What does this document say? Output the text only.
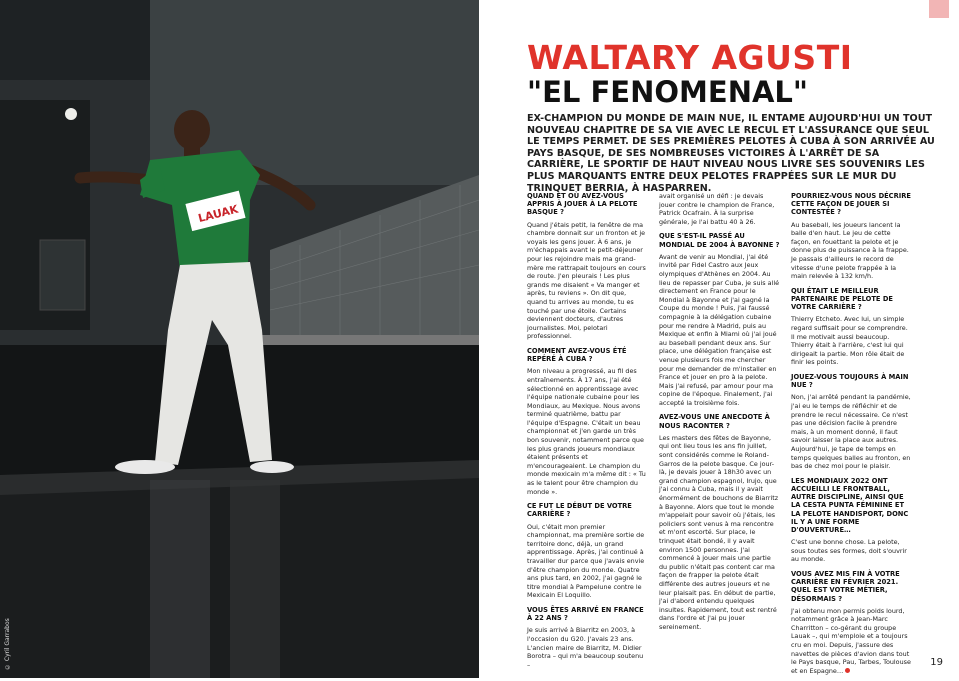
LAUAK
© Cyril Garrabos
WALTARY AGUSTI
"EL FENOMENAL"
EX-CHAMPION DU MONDE DE MAIN NUE, IL ENTAME AUJOURD'HUI UN TOUT NOUVEAU CHAPITRE DE SA VIE AVEC LE RECUL ET L'ASSURANCE QUE SEUL LE TEMPS PERMET. DE SES PREMIÈRES PELOTES À CUBA À SON ARRIVÉE AU PAYS BASQUE, DE SES NOMBREUSES VICTOIRES À L'ARRÊT DE SA CARRIÈRE, LE SPORTIF DE HAUT NIVEAU NOUS LIVRE SES SOUVENIRS LES PLUS MARQUANTS ENTRE DEUX PELOTES FRAPPÉES SUR LE MUR DU TRINQUET BERRIA, À HASPARREN.

QUAND ET OÙ AVEZ-VOUS APPRIS À JOUER À LA PELOTE BASQUE ?

Quand j'étais petit, la fenêtre de ma chambre donnait sur un fronton et je voyais les gens jouer. À 6 ans, je m'échappais avant le petit-déjeuner pour les rejoindre mais ma grand-mère me rattrapait toujours en cours de route. J'en pleurais ! Les plus grands me disaient « Va manger et après, tu reviens ». On dit que, quand tu arrives au monde, tu es touché par une étoile. Certains deviennent docteurs, d'autres journalistes. Moi, pelotari professionnel.

COMMENT AVEZ-VOUS ÉTÉ REPÉRÉ À CUBA ?

Mon niveau a progressé, au fil des entraînements. À 17 ans, j'ai été sélectionné en apprentissage avec l'équipe nationale cubaine pour les Mondiaux, au Mexique. Nous avons terminé quatrième, battu par l'équipe d'Espagne. C'était un beau championnat et j'en garde un très bon souvenir, notamment parce que les plus grands joueurs mondiaux étaient présents et m'encourageaient. Le champion du monde mexicain m'a même dit : « Tu as le talent pour être champion du monde ».

CE FUT LE DÉBUT DE VOTRE CARRIÈRE ?

Oui, c'était mon premier championnat, ma première sortie de territoire donc, déjà, un grand apprentissage. Après, j'ai continué à travailler dur parce que j'avais envie d'être champion du monde. Quatre ans plus tard, en 2002, j'ai gagné le titre mondial à Pampelune contre le Mexicain El Loquillo.

VOUS ÊTES ARRIVÉ EN FRANCE À 22 ANS ?

Je suis arrivé à Biarritz en 2003, à l'occasion du G20. J'avais 23 ans. L'ancien maire de Biarritz, M. Didier Borotra – qui m'a beaucoup soutenu –

avait organisé un défi : je devais jouer contre le champion de France, Patrick Ocafrain. À la surprise générale, je l'ai battu 40 à 26.

QUE S'EST-IL PASSÉ AU MONDIAL DE 2004 À BAYONNE ?

Avant de venir au Mondial, j'ai été invité par Fidel Castro aux Jeux olympiques d'Athènes en 2004. Au lieu de repasser par Cuba, je suis allé directement en France pour le Mondial à Bayonne et j'ai gagné la Coupe du monde ! Puis, j'ai faussé compagnie à la délégation cubaine pour me rendre à Madrid, puis au Mexique et enfin à Miami où j'ai joué au baseball pendant deux ans. Sur place, une délégation française est venue plusieurs fois me chercher pour me demander de m'installer en France et jouer en pro à la pelote. Mais j'ai refusé, par amour pour ma copine de l'époque. Finalement, j'ai accepté la troisième fois.

AVEZ-VOUS UNE ANECDOTE À NOUS RACONTER ?

Les masters des fêtes de Bayonne, qui ont lieu tous les ans fin juillet, sont considérés comme le Roland-Garros de la pelote basque. Ce jour-là, je devais jouer à 18h30 avec un grand champion espagnol, Irujo, que j'ai connu à Cuba, mais il y avait énormément de bouchons de Biarritz à Bayonne. Alors que tout le monde m'appelait pour savoir où j'étais, les policiers sont venus à ma rencontre et m'ont escorté. Sur place, le trinquet était bondé, il y avait environ 1500 personnes. J'ai commencé à jouer mais une partie du public n'était pas content car ma façon de frapper la pelote était différente des autres joueurs et ne leur plaisait pas. En début de partie, j'ai d'abord entendu quelques insultes. Rapidement, tout est rentré dans l'ordre et j'ai pu jouer sereinement.

POURRIEZ-VOUS NOUS DÉCRIRE CETTE FAÇON DE JOUER SI CONTESTÉE ?

Au baseball, les joueurs lancent la balle d'en haut. Le jeu de cette façon, en fouettant la pelote et je donne plus de puissance à la frappe. Je passais d'ailleurs le record de vitesse d'une pelote frappée à la main relevée à 132 km/h.

QUI ÉTAIT LE MEILLEUR PARTENAIRE DE PELOTE DE VOTRE CARRIÈRE ?

Thierry Etcheto. Avec lui, un simple regard suffisait pour se comprendre. Il me motivait aussi beaucoup. Thierry était à l'arrière, c'est lui qui dirigeait la partie. Mon rôle était de finir les points.

JOUEZ-VOUS TOUJOURS À MAIN NUE ?

Non, j'ai arrêté pendant la pandémie, j'ai eu le temps de réfléchir et de prendre le recul nécessaire. Ce n'est pas une décision facile à prendre mais, à un moment donné, il faut savoir laisser la place aux autres. Aujourd'hui, je tape de temps en temps quelques balles au fronton, en bas de chez moi pour le plaisir.

LES MONDIAUX 2022 ONT ACCUEILLI LE FRONTBALL, AUTRE DISCIPLINE, AINSI QUE LA CESTA PUNTA FÉMININE ET LA PELOTE HANDISPORT, DONC IL Y A UNE FORME D'OUVERTURE…

C'est une bonne chose. La pelote, sous toutes ses formes, doit s'ouvrir au monde.

VOUS AVEZ MIS FIN À VOTRE CARRIÈRE EN FÉVRIER 2021. QUEL EST VOTRE MÉTIER, DÉSORMAIS ?

J'ai obtenu mon permis poids lourd, notamment grâce à Jean-Marc Charritton – co-gérant du groupe Lauak –, qui m'emploie et a toujours cru en moi. Depuis, j'assure des navettes de pièces d'avion dans tout le Pays basque, Pau, Tarbes, Toulouse et en Espagne…

19
